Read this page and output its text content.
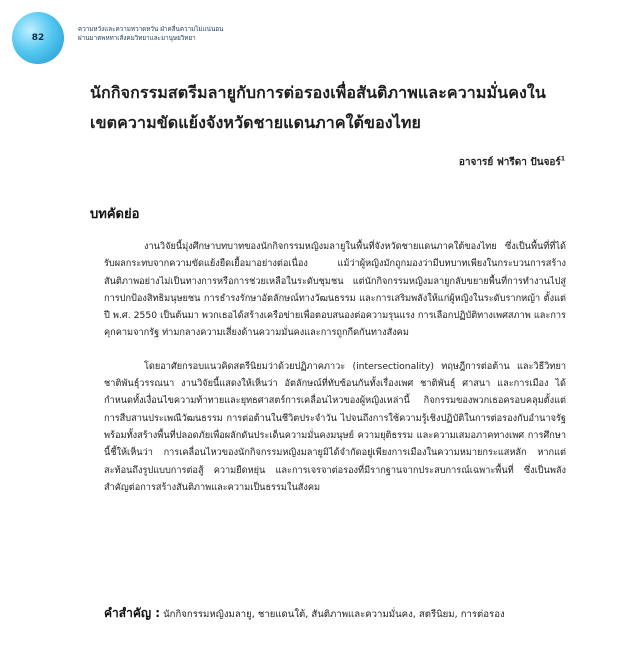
82
ความหวังและความหวาดหวั่น ฝ่าคลื่นความไม่แน่นอน
ผ่านมาตพหทาเส้งคมวิทยาและมานุษยวิทยา
นักกิจกรรมสตรีมลายูกับการต่อรองเพื่อสันติภาพและความมั่นคงใน
เขตความขัดแย้งจังหวัดชายแดนภาคใต้ของไทย
อาจารย์ ฟารีดา ปันจอร์$^1$
บทคัดย่อ

งานวิจัยนี้มุ่งศึกษาบทบาทของนักกิจกรรมหญิงมลายูในพื้นที่จังหวัดชายแดนภาคใต้ของไทย ซึ่งเป็นพื้นที่ที่ได้รับผลกระทบจากความขัดแย้งยืดเยื้อมาอย่างต่อเนื่อง แม้ว่าผู้หญิงมักถูกมองว่ามีบทบาทเพียงในกระบวนการสร้างสันติภาพอย่างไม่เป็นทางการหรือการช่วยเหลือในระดับชุมชน แต่นักกิจกรรมหญิงมลายูกลับขยายพื้นที่การทำงานไปสู่การปกป้องสิทธิมนุษยชน การธำรงรักษาอัตลักษณ์ทางวัฒนธรรม และการเสริมพลังให้แก่ผู้หญิงในระดับรากหญ้า ตั้งแต่ปี พ.ศ. 2550 เป็นต้นมา พวกเธอได้สร้างเครือข่ายเพื่อตอบสนองต่อความรุนแรง การเลือกปฏิบัติทางเพศสภาพ และการคุกคามจากรัฐ ท่ามกลางความเสี่ยงด้านความมั่นคงและการถูกกีดกันทางสังคม

โดยอาศัยกรอบแนวคิดสตรีนิยมว่าด้วยปฏิภาคภาวะ (intersectionality) ทฤษฎีการต่อต้าน และวิธีวิทยาชาติพันธุ์วรรณนา งานวิจัยนี้แสดงให้เห็นว่า อัตลักษณ์ที่ทับซ้อนกันทั้งเรื่องเพศ ชาติพันธุ์ ศาสนา และการเมือง ได้กำหนดทั้งเงื่อนไขความท้าทายและยุทธศาสตร์การเคลื่อนไหวของผู้หญิงเหล่านี้ กิจกรรมของพวกเธอครอบคลุมตั้งแต่การสืบสานประเพณีวัฒนธรรม การต่อต้านในชีวิตประจำวัน ไปจนถึงการใช้ความรู้เชิงปฏิบัติในการต่อรองกับอำนาจรัฐ พร้อมทั้งสร้างพื้นที่ปลอดภัยเพื่อผลักดันประเด็นความมั่นคงมนุษย์ ความยุติธรรม และความเสมอภาคทางเพศ การศึกษานี้ชี้ให้เห็นว่า การเคลื่อนไหวของนักกิจกรรมหญิงมลายูมิได้จำกัดอยู่เพียงการเมืองในความหมายกระแสหลัก หากแต่สะท้อนถึงรูปแบบการต่อสู้ ความยืดหยุ่น และการเจรจาต่อรองที่มีรากฐานจากประสบการณ์เฉพาะพื้นที่ ซึ่งเป็นพลังสำคัญต่อการสร้างสันติภาพและความเป็นธรรมในสังคม

คำสำคัญ : นักกิจกรรมหญิงมลายู, ชายแดนใต้, สันติภาพและความมั่นคง, สตรีนิยม, การต่อรอง
